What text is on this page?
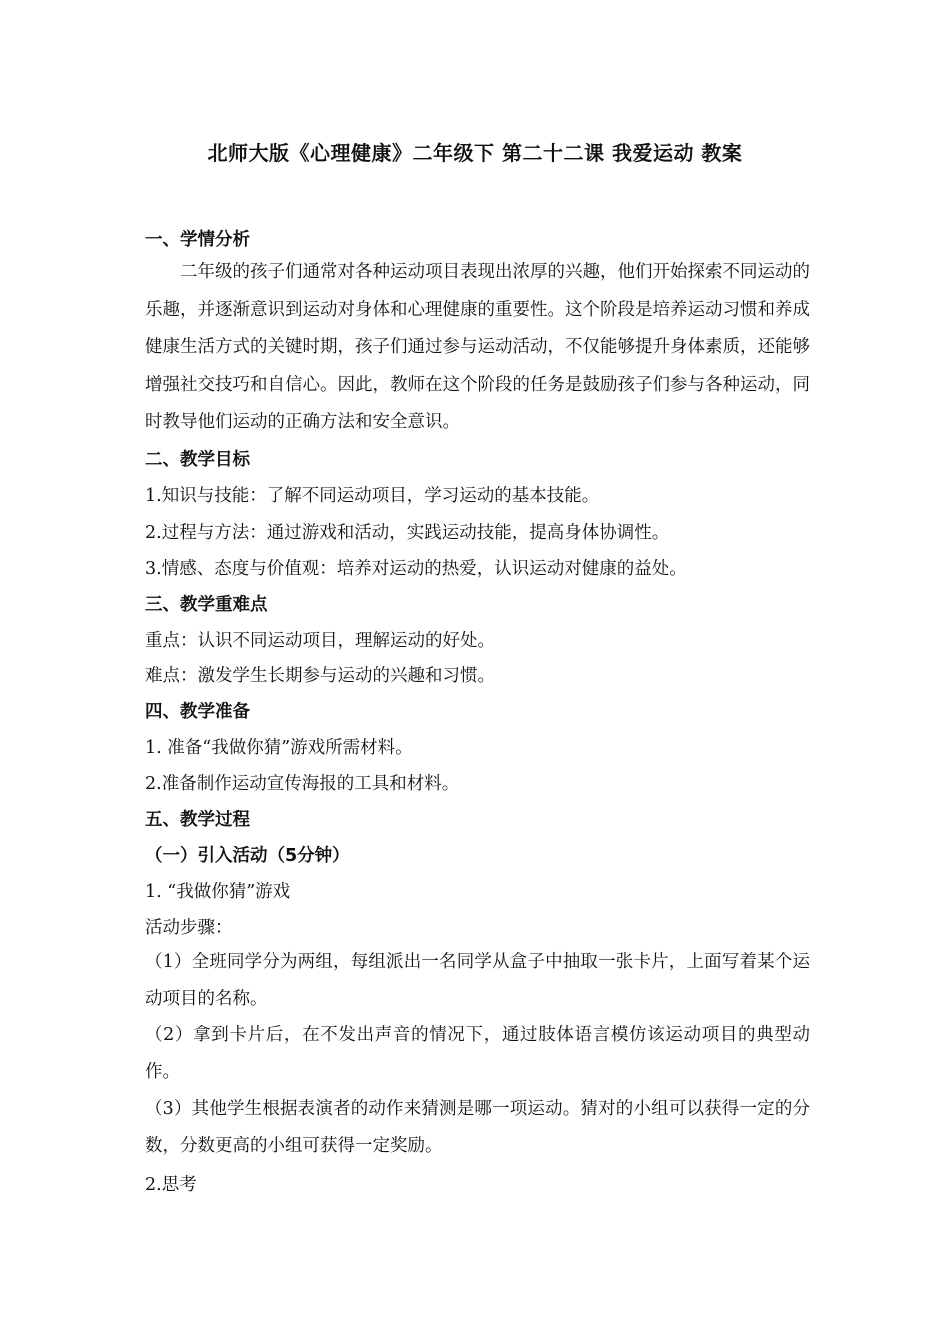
北师大版《心理健康》二年级下 第二十二课 我爱运动 教案
一、学情分析
二年级的孩子们通常对各种运动项目表现出浓厚的兴趣，他们开始探索不同运动的乐趣，并逐渐意识到运动对身体和心理健康的重要性。这个阶段是培养运动习惯和养成健康生活方式的关键时期，孩子们通过参与运动活动，不仅能够提升身体素质，还能够增强社交技巧和自信心。因此，教师在这个阶段的任务是鼓励孩子们参与各种运动，同时教导他们运动的正确方法和安全意识。
二、教学目标
1.知识与技能：了解不同运动项目，学习运动的基本技能。
2.过程与方法：通过游戏和活动，实践运动技能，提高身体协调性。
3.情感、态度与价值观：培养对运动的热爱，认识运动对健康的益处。
三、教学重难点
重点：认识不同运动项目，理解运动的好处。
难点：激发学生长期参与运动的兴趣和习惯。
四、教学准备
1. 准备“我做你猜”游戏所需材料。
2.准备制作运动宣传海报的工具和材料。
五、教学过程
（一）引入活动（5分钟）
1. “我做你猜”游戏
活动步骤：
（1）全班同学分为两组，每组派出一名同学从盒子中抽取一张卡片，上面写着某个运动项目的名称。
（2）拿到卡片后，在不发出声音的情况下，通过肢体语言模仿该运动项目的典型动作。
（3）其他学生根据表演者的动作来猜测是哪一项运动。猜对的小组可以获得一定的分数，分数更高的小组可获得一定奖励。
2.思考
